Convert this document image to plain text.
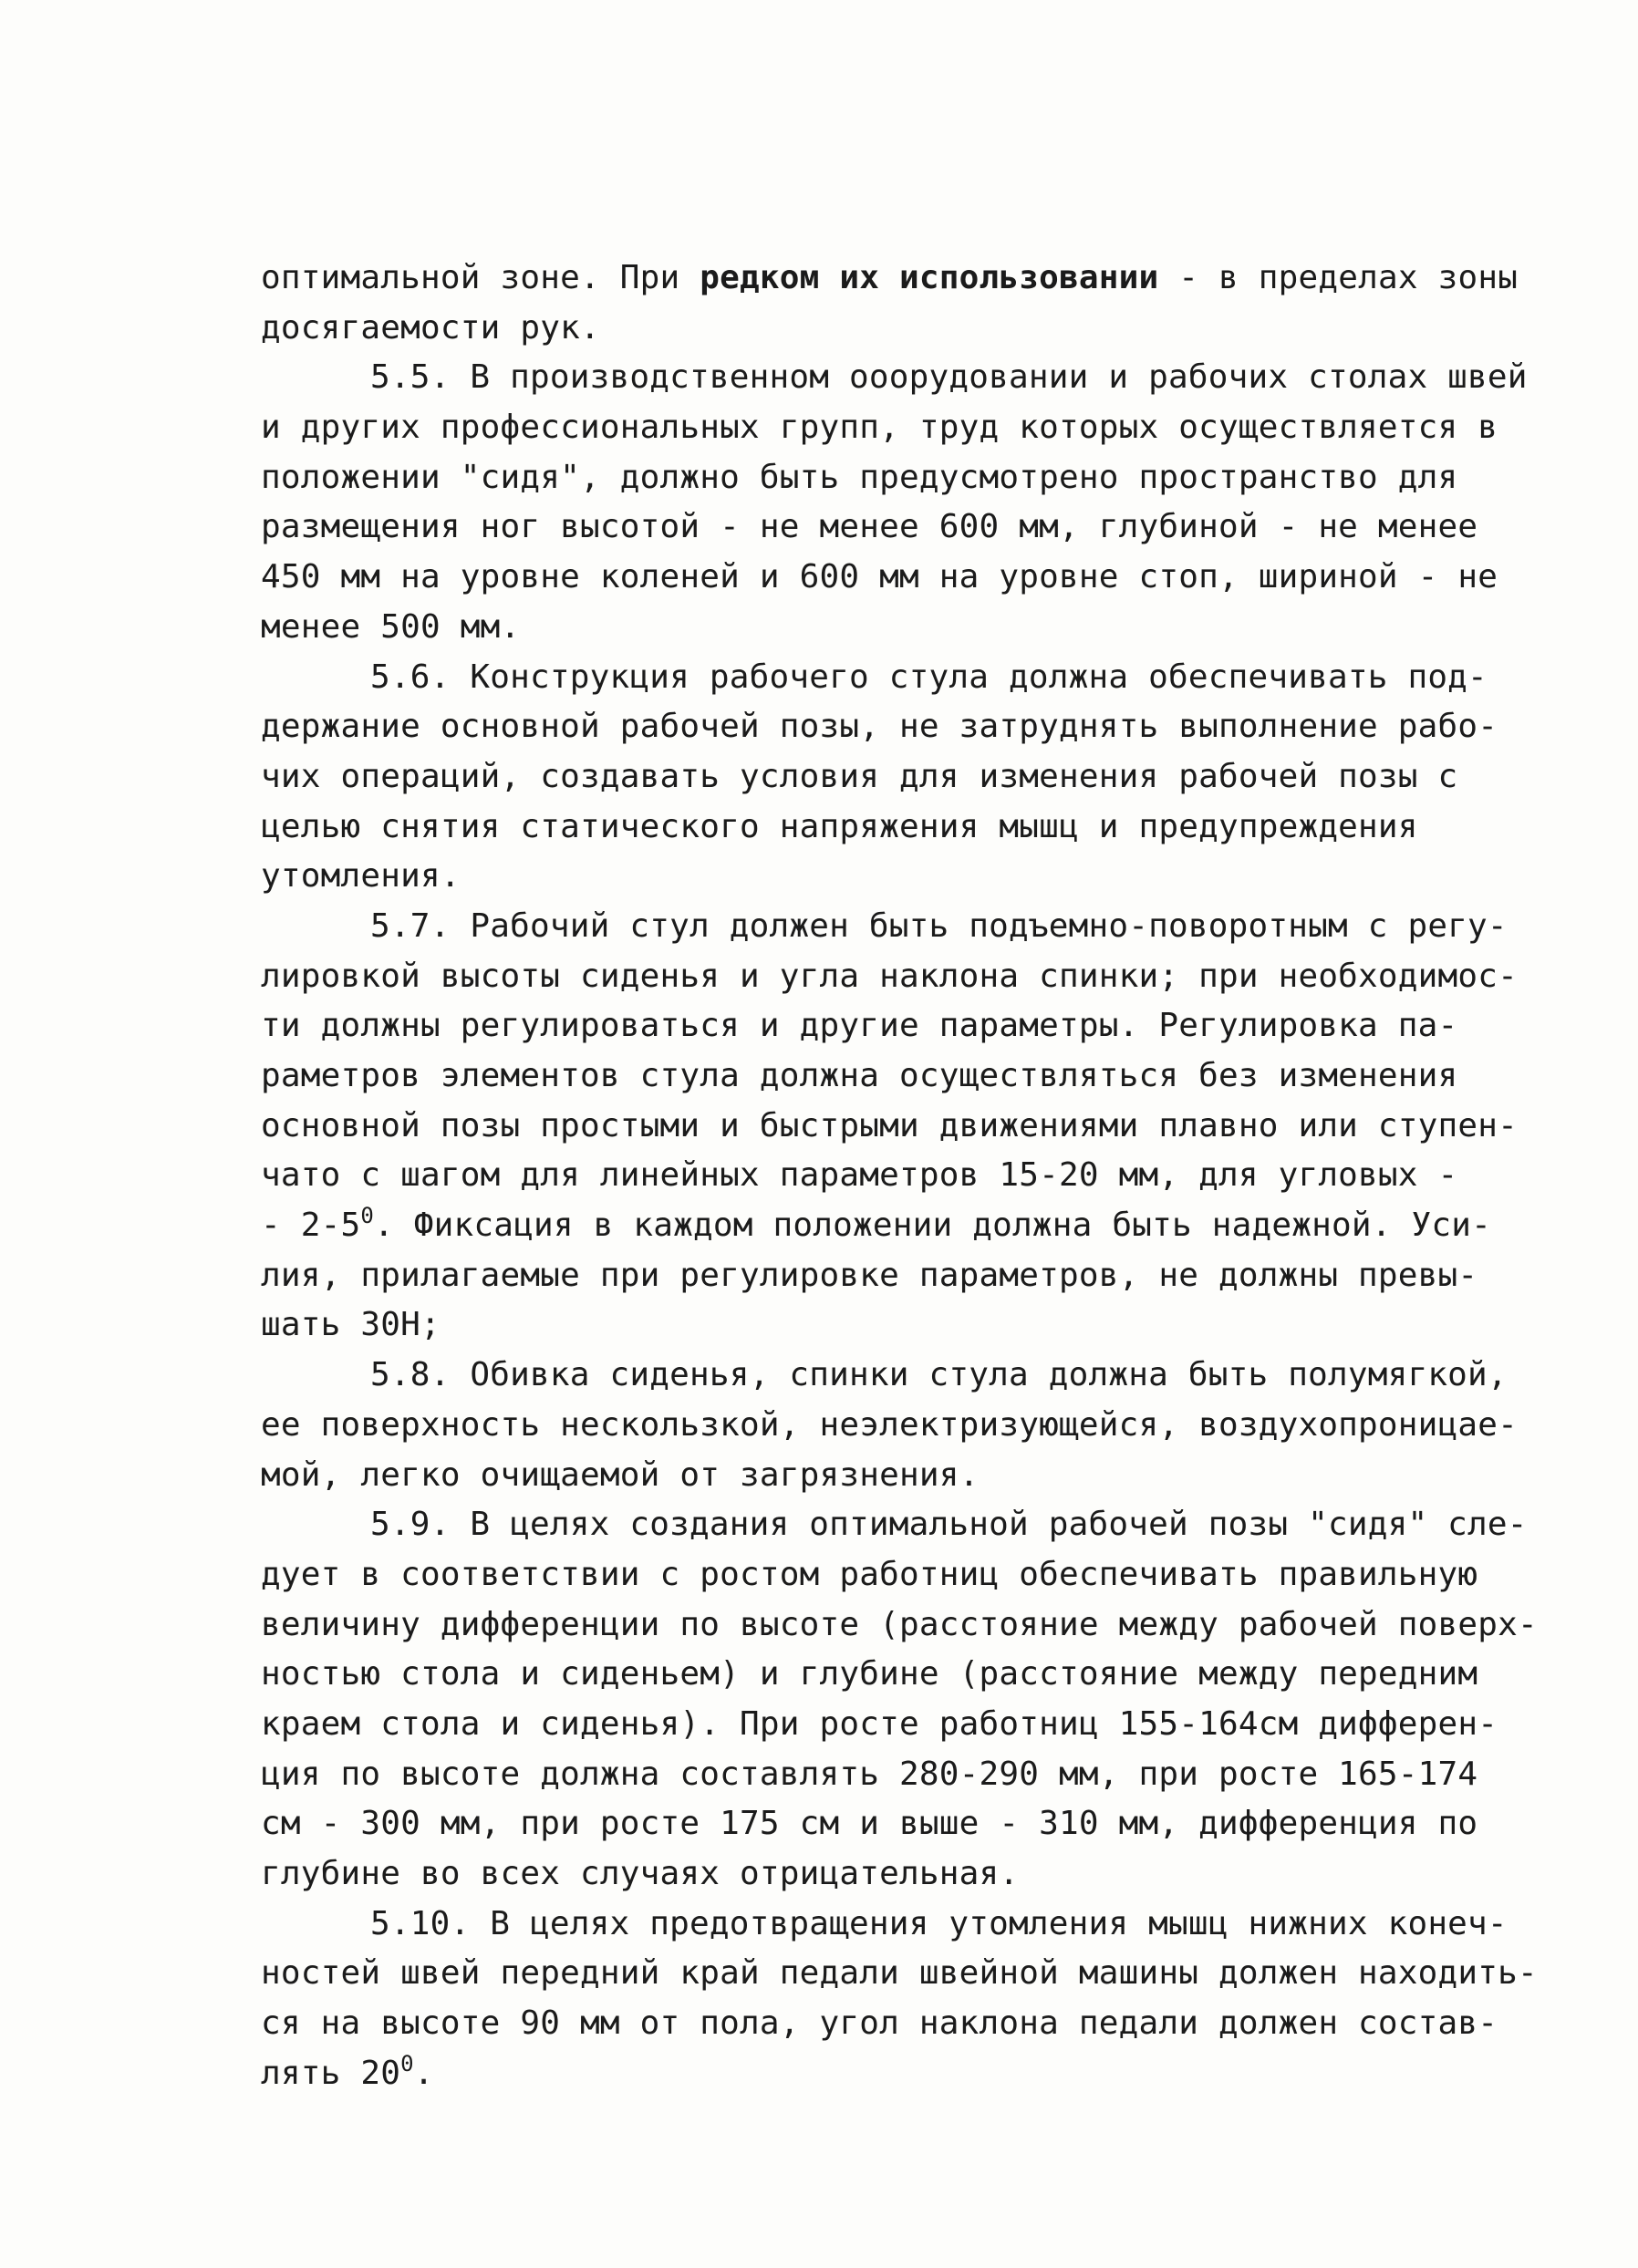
оптимальной зоне. При редком их использовании - в пределах зоны
досягаемости рук.
5.5. В производственном ооорудовании и рабочих столах швей
и других профессиональных групп, труд которых осуществляется в
положении "сидя", должно быть предусмотрено пространство для
размещения ног высотой - не менее 600 мм, глубиной - не менее
450 мм на уровне коленей и 600 мм на уровне стоп, шириной - не
менее 500 мм.
5.6. Конструкция рабочего стула должна обеспечивать под-
держание основной рабочей позы, не затруднять выполнение рабо-
чих операций, создавать условия для изменения рабочей позы с
целью снятия статического напряжения мышц и предупреждения
утомления.
5.7. Рабочий стул должен быть подъемно-поворотным с регу-
лировкой высоты сиденья и угла наклона спинки; при необходимос-
ти должны регулироваться и другие параметры. Регулировка па-
раметров элементов стула должна осуществляться без изменения
основной позы простыми и быстрыми движениями плавно или ступен-
чато с шагом для линейных параметров 15-20 мм, для угловых -
- $2-5^0$. Фиксация в каждом положении должна быть надежной. Уси-
лия, прилагаемые при регулировке параметров, не должны превы-
шать 30Н;
5.8. Обивка сиденья, спинки стула должна быть полумягкой,
ее поверхность нескользкой, неэлектризующейся, воздухопроницае-
мой, легко очищаемой от загрязнения.
5.9. В целях создания оптимальной рабочей позы "сидя" сле-
дует в соответствии с ростом работниц обеспечивать правильную
величину дифференции по высоте (расстояние между рабочей поверх-
ностью стола и сиденьем) и глубине (расстояние между передним
краем стола и сиденья). При росте работниц 155-164см дифферен-
ция по высоте должна составлять 280-290 мм, при росте 165-174
см - 300 мм, при росте 175 см и выше - 310 мм, дифференция по
глубине во всех случаях отрицательная.
5.10. В целях предотвращения утомления мышц нижних конеч-
ностей швей передний край педали швейной машины должен находить-
ся на высоте 90 мм от пола, угол наклона педали должен состав-
лять $20^0$.
